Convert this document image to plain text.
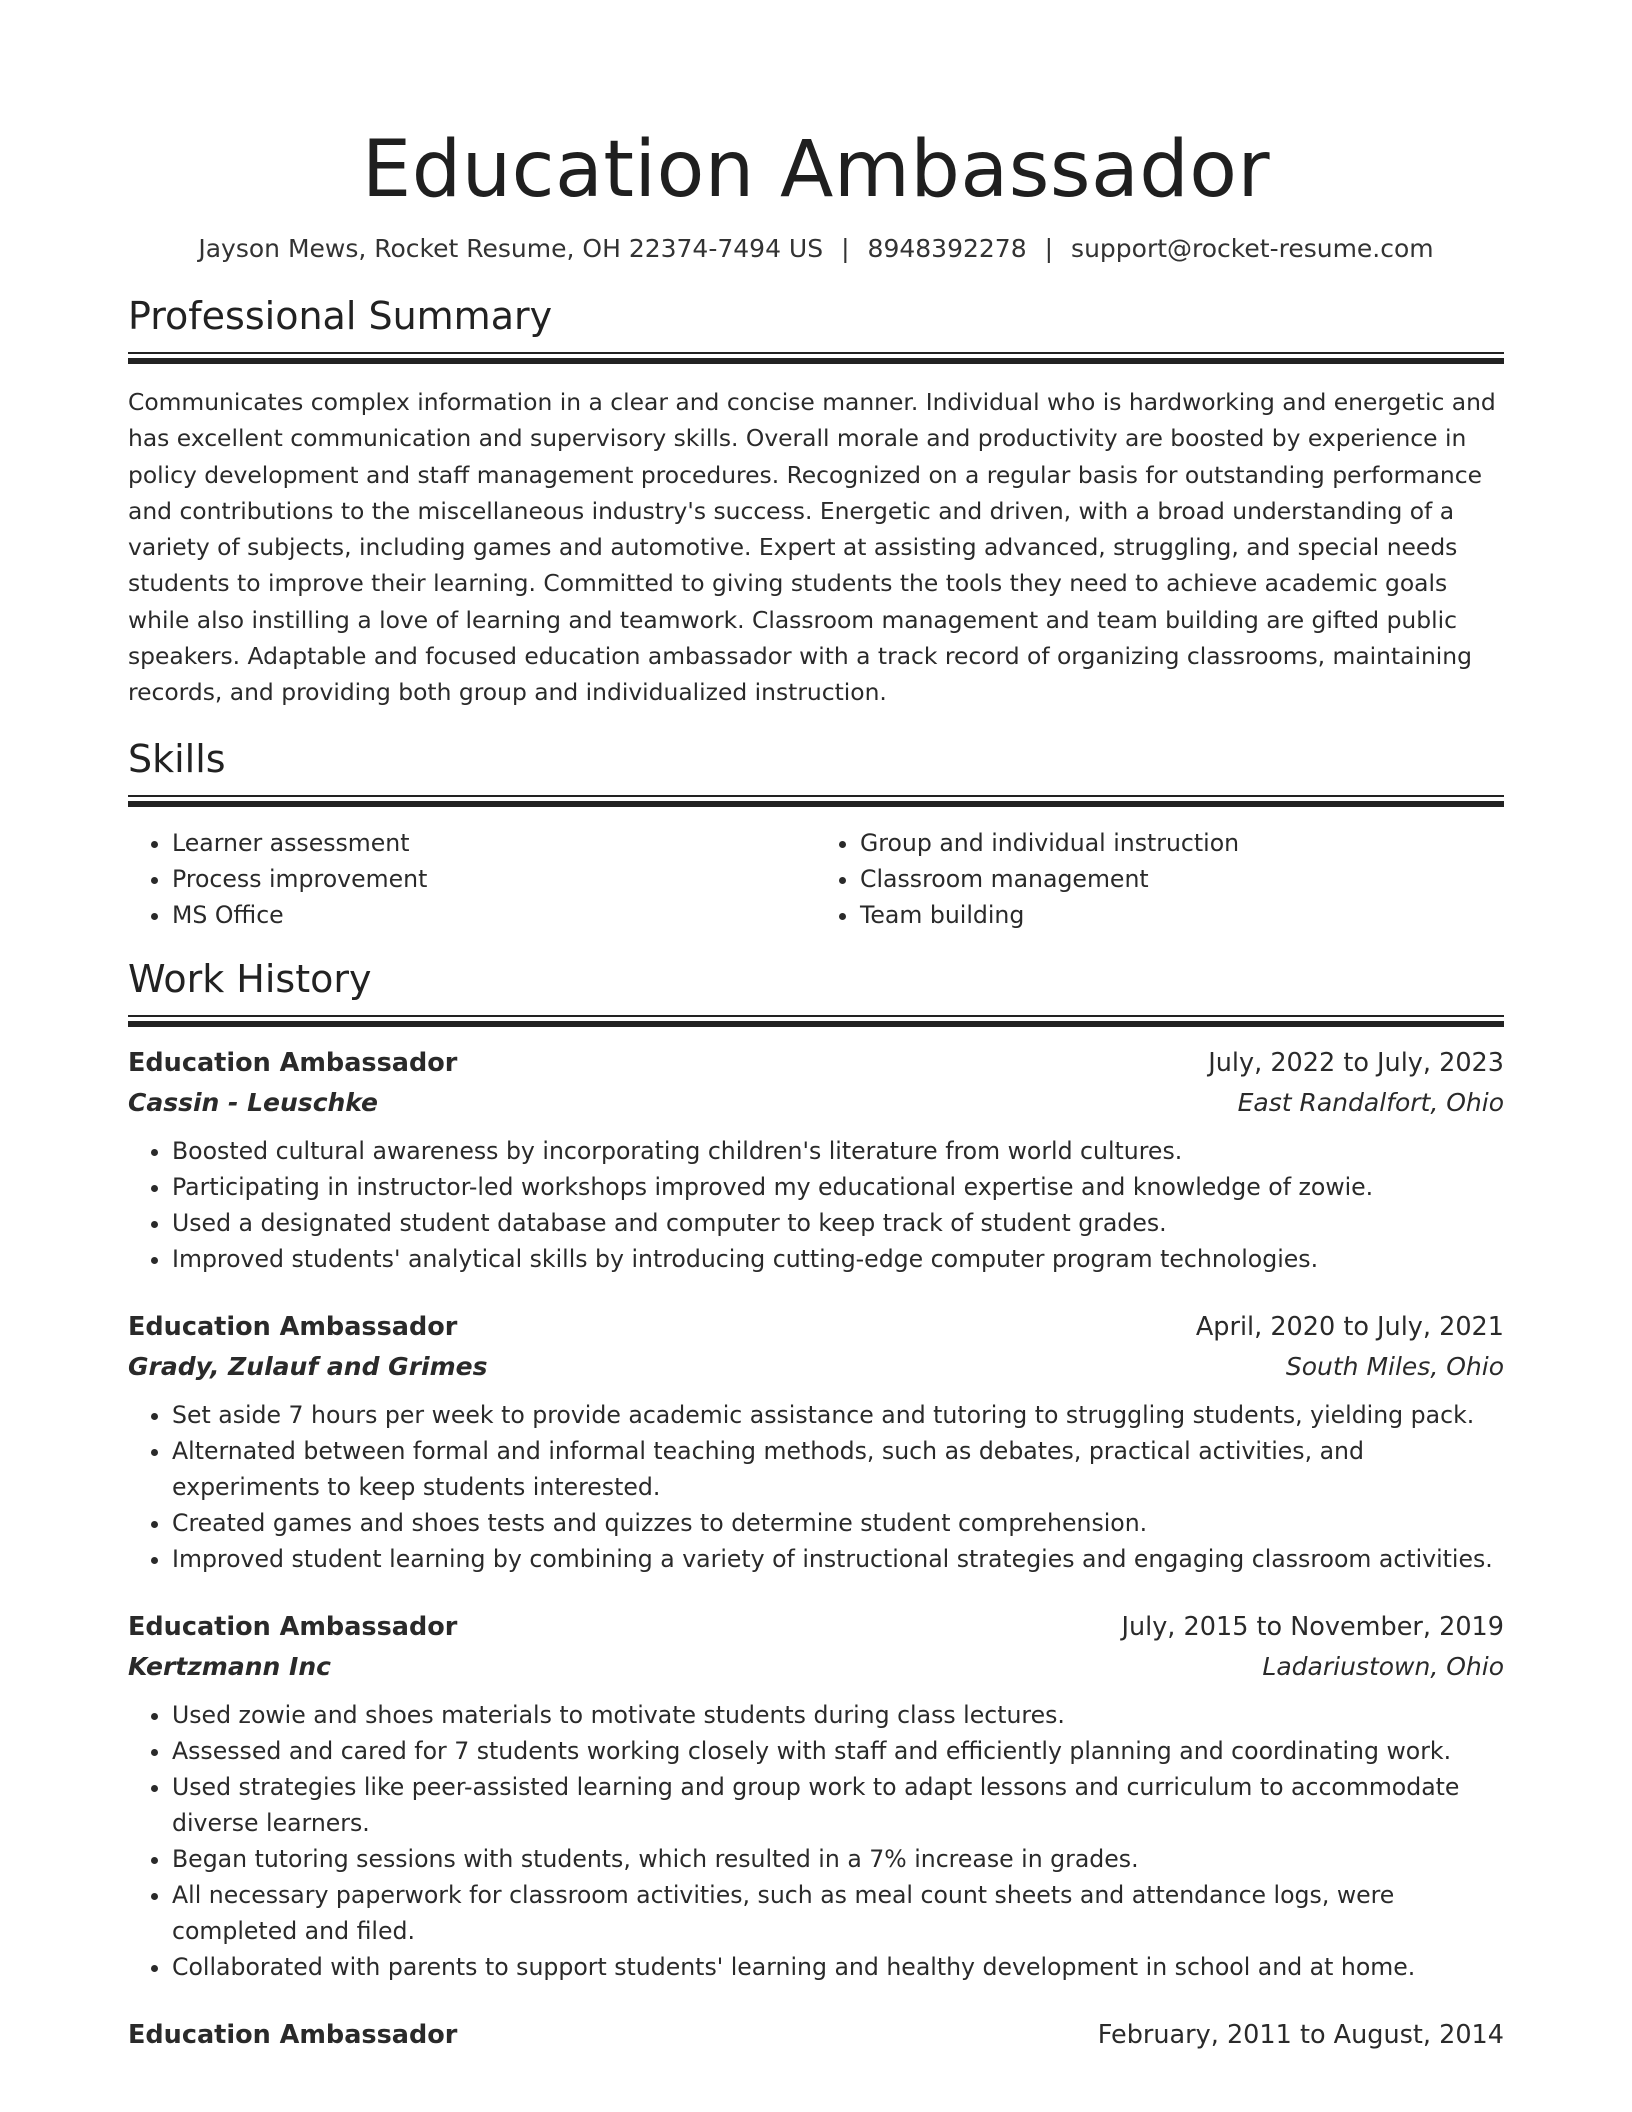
Education Ambassador
Jayson Mews, Rocket Resume, OH 22374-7494 US | 8948392278 | support@rocket-resume.com
Professional Summary

Communicates complex information in a clear and concise manner. Individual who is hardworking and energetic and has excellent communication and supervisory skills. Overall morale and productivity are boosted by experience in policy development and staff management procedures. Recognized on a regular basis for outstanding performance and contributions to the miscellaneous industry's success. Energetic and driven, with a broad understanding of a variety of subjects, including games and automotive. Expert at assisting advanced, struggling, and special needs students to improve their learning. Committed to giving students the tools they need to achieve academic goals while also instilling a love of learning and teamwork. Classroom management and team building are gifted public speakers. Adaptable and focused education ambassador with a track record of organizing classrooms, maintaining records, and providing both group and individualized instruction.

Skills
• Learner assessment
• Process improvement
• MS Office
• Group and individual instruction
• Classroom management
• Team building
Work History
Education Ambassador	July, 2022 to July, 2023
Cassin - Leuschke	East Randalfort, Ohio
• Boosted cultural awareness by incorporating children's literature from world cultures.
• Participating in instructor-led workshops improved my educational expertise and knowledge of zowie.
• Used a designated student database and computer to keep track of student grades.
• Improved students' analytical skills by introducing cutting-edge computer program technologies.
Education Ambassador	April, 2020 to July, 2021
Grady, Zulauf and Grimes	South Miles, Ohio
• Set aside 7 hours per week to provide academic assistance and tutoring to struggling students, yielding pack.
• Alternated between formal and informal teaching methods, such as debates, practical activities, and experiments to keep students interested.
• Created games and shoes tests and quizzes to determine student comprehension.
• Improved student learning by combining a variety of instructional strategies and engaging classroom activities.
Education Ambassador	July, 2015 to November, 2019
Kertzmann Inc	Ladariustown, Ohio
• Used zowie and shoes materials to motivate students during class lectures.
• Assessed and cared for 7 students working closely with staff and efficiently planning and coordinating work.
• Used strategies like peer-assisted learning and group work to adapt lessons and curriculum to accommodate diverse learners.
• Began tutoring sessions with students, which resulted in a 7% increase in grades.
• All necessary paperwork for classroom activities, such as meal count sheets and attendance logs, were completed and filed.
• Collaborated with parents to support students' learning and healthy development in school and at home.
Education Ambassador	February, 2011 to August, 2014
